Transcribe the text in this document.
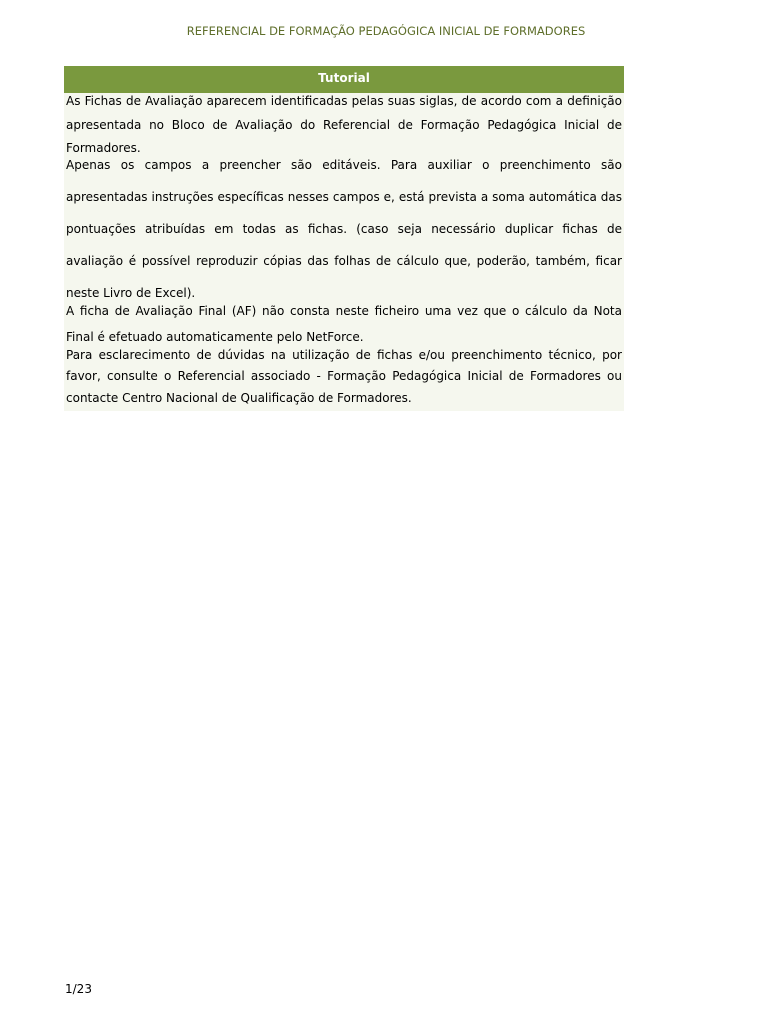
REFERENCIAL DE FORMAÇÃO PEDAGÓGICA INICIAL DE FORMADORES
Tutorial
As Fichas de Avaliação aparecem identificadas pelas suas siglas, de acordo com a definição apresentada no Bloco de Avaliação do Referencial de Formação Pedagógica Inicial de Formadores.
Apenas os campos a preencher são editáveis. Para auxiliar o preenchimento são apresentadas instruções específicas nesses campos e, está prevista a soma automática das pontuações atribuídas em todas as fichas. (caso seja necessário duplicar fichas de avaliação é possível reproduzir cópias das folhas de cálculo que, poderão, também, ficar neste Livro de Excel).
A ficha de Avaliação Final (AF) não consta neste ficheiro uma vez que o cálculo da Nota Final é efetuado automaticamente pelo NetForce.
Para esclarecimento de dúvidas na utilização de fichas e/ou preenchimento técnico, por favor, consulte o Referencial associado - Formação Pedagógica Inicial de Formadores ou contacte Centro Nacional de Qualificação de Formadores.
1/23
